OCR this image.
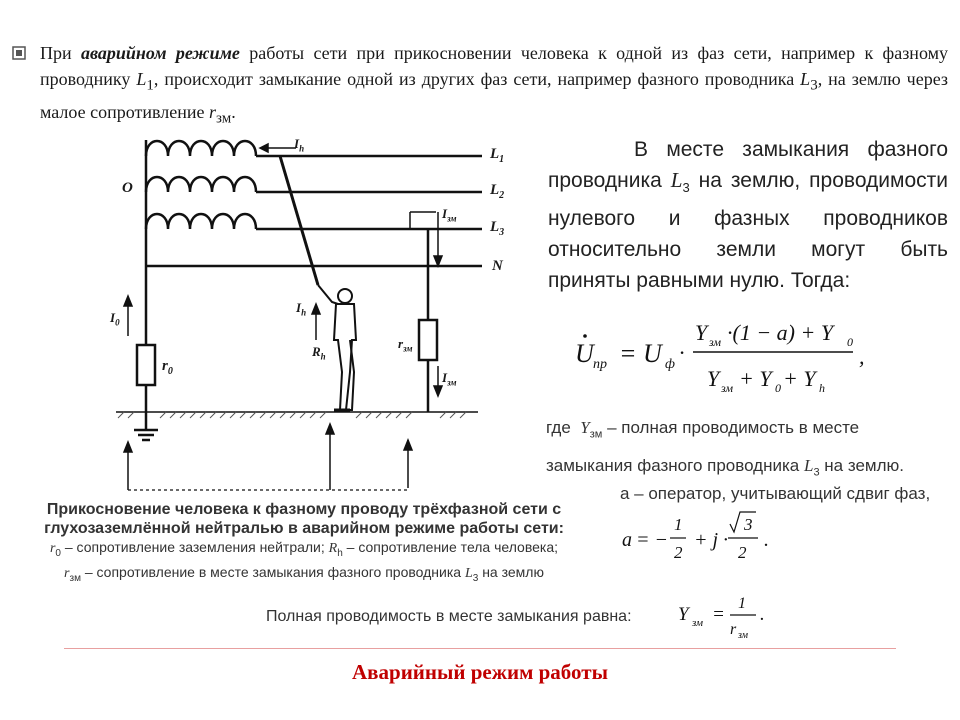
При аварийном режиме работы сети при прикосновении человека к одной из фаз сети, например к фазному проводнику $L_1$, происходит замыкание одной из других фаз сети, например фазного проводника $L_3$, на землю через малое сопротивление $r_{зм}$.
O
$L_1$
$L_2$
$L_3$
N
$I_h$
$I_{зм}$
$I_h$
$I_0$
$r_0$
$R_h$
$r_{зм}$
$I_{зм}$
В месте замыкания фазного проводника $L_3$ на землю, проводимости нулевого и фазных проводников относительно земли могут быть приняты равными нулю. Тогда:
U пр = U ф ·
Y зм ·(1 − a) + Y 0
Y зм + Y 0 + Y h
,
где $Y_{зм}$ – полная проводимость в месте
замыкания фазного проводника $L_3$ на землю.
а – оператор, учитывающий сдвиг фаз,
a = −
1
2
+ j ·
3
2
.
Прикосновение человека к фазному проводу трёхфазной сети с
глухозаземлённой нейтралью в аварийном режиме работы сети:
$r_0$ – сопротивление заземления нейтрали; $R_h$ – сопротивление тела человека;
$r_{зм}$ – сопротивление в месте замыкания фазного проводника $L_3$ на землю
Полная проводимость в месте замыкания равна: Y зм =
1
r зм
.
Аварийный режим работы
